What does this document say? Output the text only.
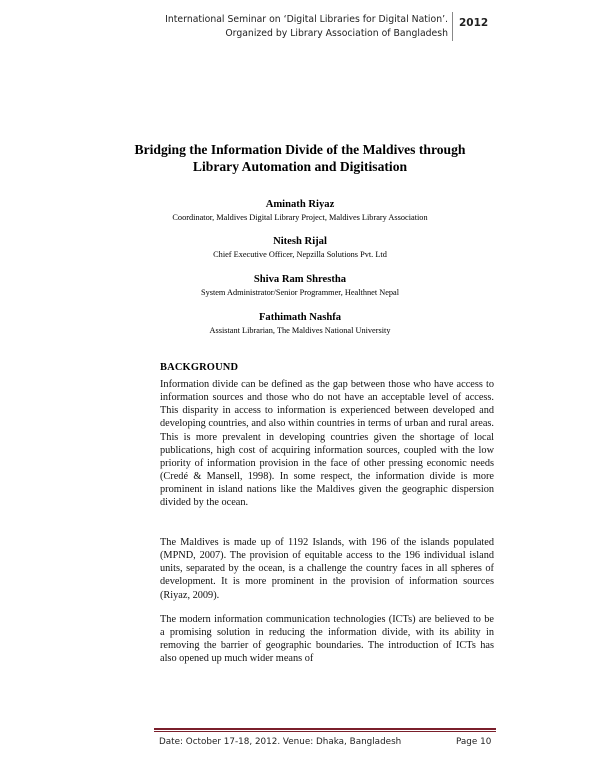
International Seminar on ‘Digital Libraries for Digital Nation’.
Organized by Library Association of Bangladesh
2012
Bridging the Information Divide of the Maldives through
Library Automation and Digitisation
Aminath Riyaz
Coordinator, Maldives Digital Library Project, Maldives Library Association
Nitesh Rijal
Chief Executive Officer, Nepzilla Solutions Pvt. Ltd
Shiva Ram Shrestha
System Administrator/Senior Programmer, Healthnet Nepal
Fathimath Nashfa
Assistant Librarian, The Maldives National University
BACKGROUND
Information divide can be defined as the gap between those who have access to information sources and those who do not have an acceptable level of access. This disparity in access to information is experienced between developed and developing countries, and also within countries in terms of urban and rural areas. This is more prevalent in developing countries given the shortage of local publications, high cost of acquiring information sources, coupled with the low priority of information provision in the face of other pressing economic needs (Credé & Mansell, 1998). In some respect, the information divide is more prominent in island nations like the Maldives given the geographic dispersion divided by the ocean.
The Maldives is made up of 1192 Islands, with 196 of the islands populated (MPND, 2007). The provision of equitable access to the 196 individual island units, separated by the ocean, is a challenge the country faces in all spheres of development. It is more prominent in the provision of information sources (Riyaz, 2009).
The modern information communication technologies (ICTs) are believed to be a promising solution in reducing the information divide, with its ability in removing the barrier of geographic boundaries. The introduction of ICTs has also opened up much wider means of
Date: October 17-18, 2012. Venue: Dhaka, Bangladesh	Page 10
